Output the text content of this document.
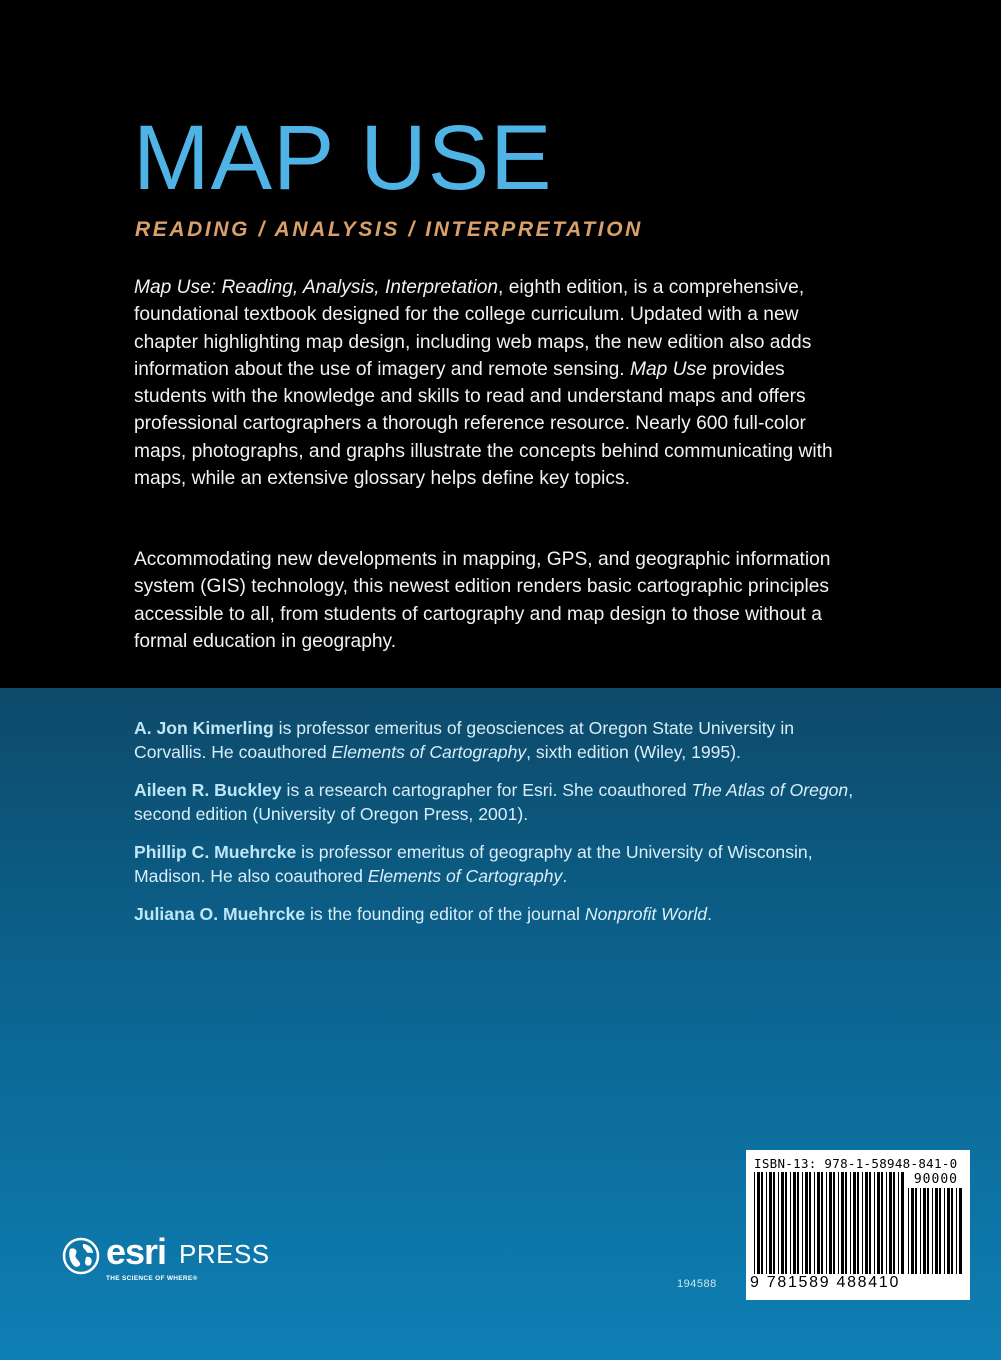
MAP USE
READING / ANALYSIS / INTERPRETATION

Map Use: Reading, Analysis, Interpretation, eighth edition, is a comprehensive, foundational textbook designed for the college curriculum. Updated with a new chapter highlighting map design, including web maps, the new edition also adds information about the use of imagery and remote sensing. Map Use provides students with the knowledge and skills to read and understand maps and offers professional cartographers a thorough reference resource. Nearly 600 full-color maps, photographs, and graphs illustrate the concepts behind communicating with maps, while an extensive glossary helps define key topics.

Accommodating new developments in mapping, GPS, and geographic information system (GIS) technology, this newest edition renders basic cartographic principles accessible to all, from students of cartography and map design to those without a formal education in geography.

A. Jon Kimerling is professor emeritus of geosciences at Oregon State University in Corvallis. He coauthored Elements of Cartography, sixth edition (Wiley, 1995).

Aileen R. Buckley is a research cartographer for Esri. She coauthored The Atlas of Oregon, second edition (University of Oregon Press, 2001).

Phillip C. Muehrcke is professor emeritus of geography at the University of Wisconsin, Madison. He also coauthored Elements of Cartography.

Juliana O. Muehrcke is the founding editor of the journal Nonprofit World.

esri PRESS
THE SCIENCE OF WHERE®	194588
ISBN-13: 978-1-58948-841-0
90000
9 781589 488410
